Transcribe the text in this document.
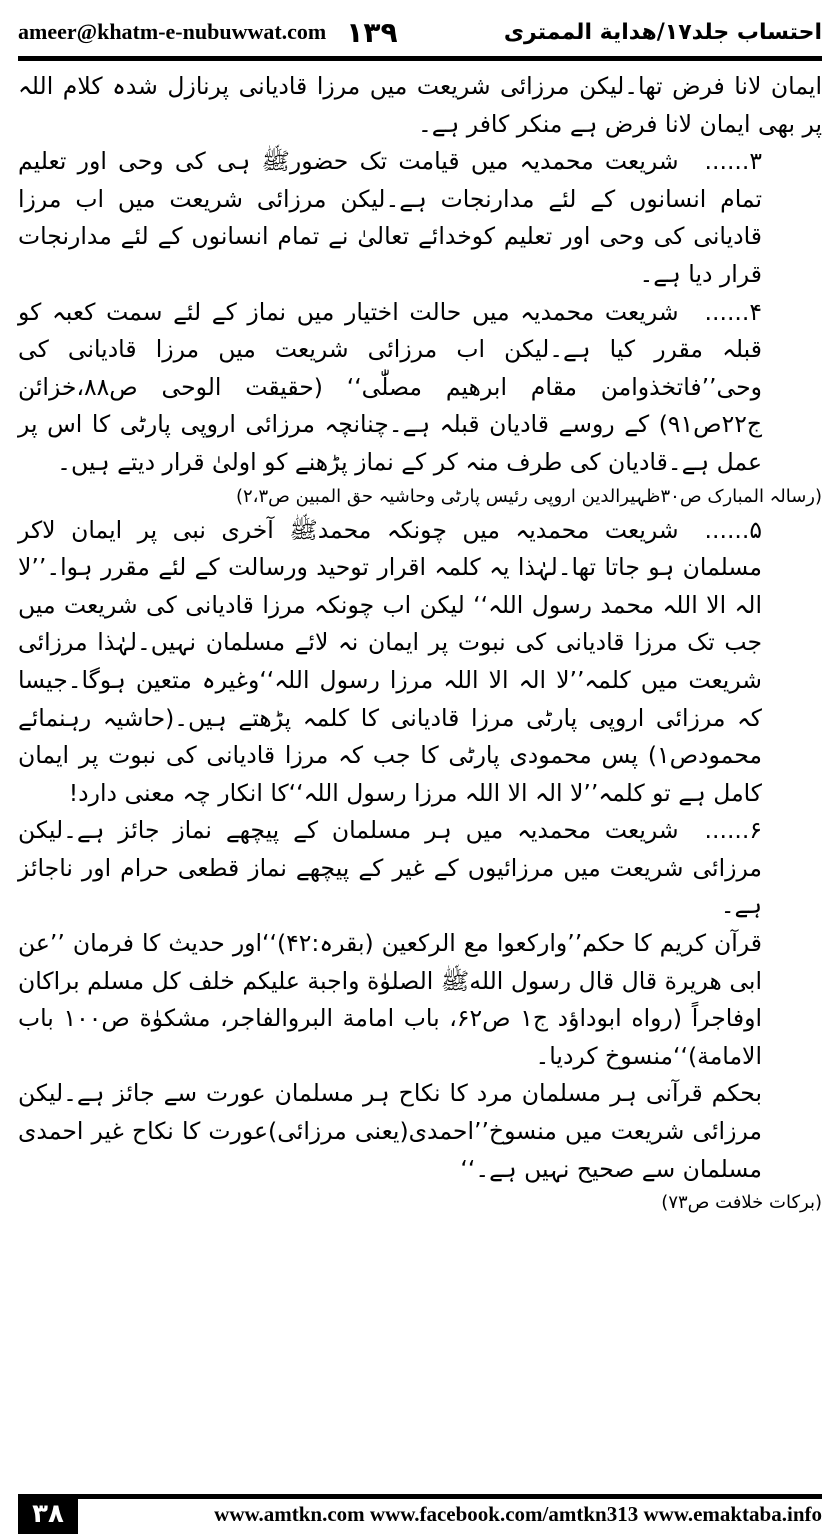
ameer@khatm-e-nubuwwat.com ۱۳۹	احتساب جلد۱۷/هداية الممترى

ایمان لانا فرض تھا۔لیکن مرزائی شریعت میں مرزا قادیانی پرنازل شدہ کلام اللہ پر بھی ایمان لانا فرض ہے منکر کافر ہے۔

۳......شریعت محمدیہ میں قیامت تک حضورﷺ ہی کی وحی اور تعلیم تمام انسانوں کے لئے مدارنجات ہے۔لیکن مرزائی شریعت میں اب مرزا قادیانی کی وحی اور تعلیم کوخدائے تعالیٰ نے تمام انسانوں کے لئے مدارنجات قرار دیا ہے۔

۴......شریعت محمدیہ میں حالت اختیار میں نماز کے لئے سمت کعبہ کو قبلہ مقرر کیا ہے۔لیکن اب مرزائی شریعت میں مرزا قادیانی کی وحی’’فاتخذوامن مقام ابرهيم مصلّٰى‘‘ (حقیقت الوحی ص۸۸،خزائن ج۲۲ص۹۱) کے روسے قادیان قبلہ ہے۔چنانچہ مرزائی اروپی پارٹی کا اس پر عمل ہے۔قادیان کی طرف منہ کر کے نماز پڑھنے کو اولیٰ قرار دیتے ہیں۔

(رسالہ المبارک ص۳۰ظہیرالدین اروپی رئیس پارٹی وحاشیہ حق المبین ص۲،۳)

۵......شریعت محمدیہ میں چونکہ محمدﷺ آخری نبی پر ایمان لاکر مسلمان ہو جاتا تھا۔لہٰذا یہ کلمہ اقرار توحید ورسالت کے لئے مقرر ہوا۔’’لا الہ الا اللہ محمد رسول اللہ‘‘ لیکن اب چونکہ مرزا قادیانی کی شریعت میں جب تک مرزا قادیانی کی نبوت پر ایمان نہ لائے مسلمان نہیں۔لہٰذا مرزائی شریعت میں کلمہ’’لا الہ الا اللہ مرزا رسول اللہ‘‘وغیرہ متعین ہوگا۔جیسا کہ مرزائی اروپی پارٹی مرزا قادیانی کا کلمہ پڑھتے ہیں۔(حاشیہ رہنمائے محمودص۱) پس محمودی پارٹی کا جب کہ مرزا قادیانی کی نبوت پر ایمان کامل ہے تو کلمہ’’لا الہ الا اللہ مرزا رسول اللہ‘‘کا انکار چہ معنی دارد!

۶......شریعت محمدیہ میں ہر مسلمان کے پیچھے نماز جائز ہے۔لیکن مرزائی شریعت میں مرزائیوں کے غیر کے پیچھے نماز قطعی حرام اور ناجائز ہے۔

قرآن کریم کا حکم’’واركعوا مع الركعين (بقرہ:۴۲)‘‘اور حدیث کا فرمان ’’عن ابی هريرة قال قال رسول اللهﷺ الصلوٰة واجبة عليكم خلف كل مسلم براكان اوفاجراً (رواه ابوداؤد ج۱ ص۶۲، باب امامة البروالفاجر، مشكوٰة ص۱۰۰ باب الامامة)‘‘منسوخ کردیا۔

بحکم قرآنی ہر مسلمان مرد کا نکاح ہر مسلمان عورت سے جائز ہے۔لیکن مرزائی شریعت میں منسوخ’’احمدی(یعنی مرزائی)عورت کا نکاح غیر احمدی مسلمان سے صحیح نہیں ہے۔‘‘

(برکات خلافت ص۷۳)

۳۸	www.amtkn.com www.facebook.com/amtkn313 www.emaktaba.info
